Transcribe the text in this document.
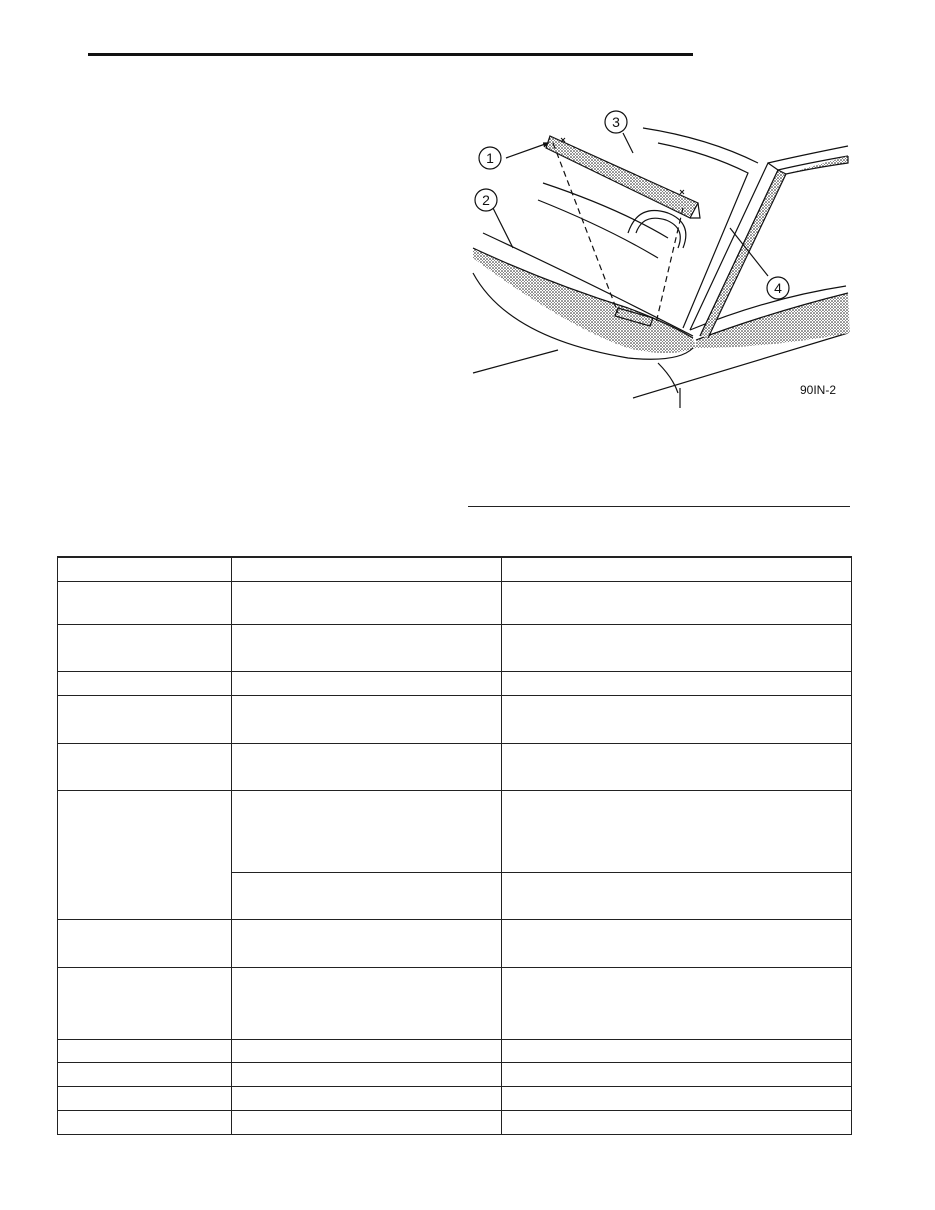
1
3
2
4
90IN-2
